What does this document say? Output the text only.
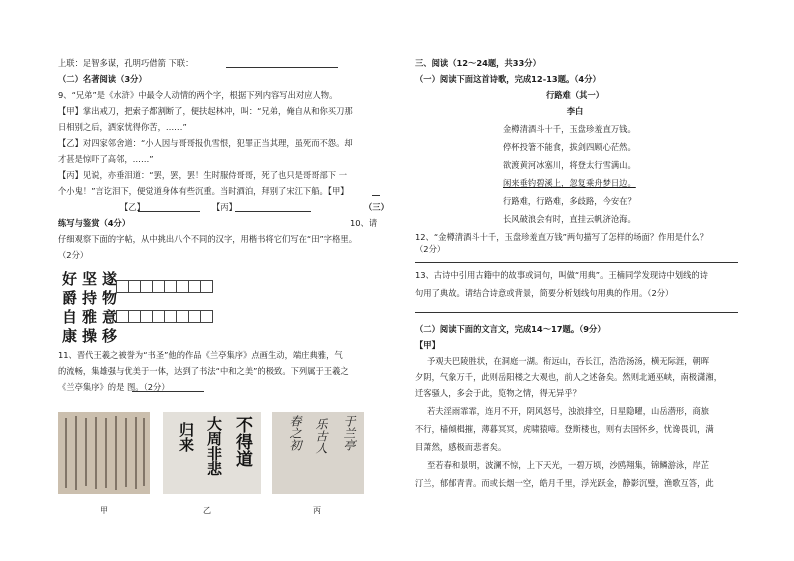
上联：足智多谋，孔明巧借箭 下联：
（二）名著阅读（3分）
9、“兄弟”是《水浒》中最令人动情的两个字，根据下列内容写出对应人物。
【甲】掌出戒刀，把索子都割断了，便扶起林冲，叫：“兄弟，俺自从和你买刀那
日相别之后，洒家忧得你苦，……”
【乙】对四家邻舍道：“小人因与哥哥报仇雪恨，犯罪正当其理，虽死而不怨。却
才甚是惊吓了高邻，……”
【丙】见说，亦垂泪道：“罢，罢，罢！生时服侍哥哥，死了也只是哥哥部下 一
个小鬼！”言讫泪下，便觉道身体有些沉重。当时酒泊，拜别了宋江下船。【甲】
【乙】	【丙】	（三）
练写与鉴赏（4分）	10、请
仔细观察下面的字帖，从中挑出八个不同的汉字，用楷书将它们写在“田”字格里。
（2分）
好坚遂
爵持物
自雅意
康操移
11、晋代王羲之被誉为“书圣”他的作品《兰亭集序》点画生动，端庄典雅，气
的流畅，集雄强与优美于一体，达到了书法“中和之美”的极致。下列属于王羲之
《兰亭集序》的是 图。（2分）
不得道
大周非悲
归来	于兰亭
乐古人
春之初
甲	乙	丙
三、阅读（12～24题，共33分）
（一）阅读下面这首诗歌，完成12-13题。（4分）
行路难（其一）
李白
金樽清酒斗十千，玉盘珍羞直万钱。
停杯投箸不能食，拔剑四顾心茫然。
欲渡黄河冰塞川，将登太行雪满山。
闲来垂钓碧溪上，忽复乘舟梦日边。
行路难，行路难，多歧路，今安在？
长风破浪会有时，直挂云帆济沧海。
12、“金樽清酒斗十千，玉盘珍羞直万钱”两句描写了怎样的场面？作用是什么？
（2分）
13、古诗中引用古籍中的故事或词句，叫做“用典”。王楠同学发现诗中划线的诗
句用了典故。请结合诗意或背景，简要分析划线句用典的作用。（2分）
（二）阅读下面的文言文，完成14～17题。（9分）
【甲】
予观夫巴陵胜状，在洞庭一湖。衔远山，吞长江，浩浩汤汤，横无际涯，朝晖
夕阴，气象万千，此则岳阳楼之大观也，前人之述备矣。然则北通巫峡，南极潇湘，
迁客骚人，多会于此，览物之情，得无异乎？
若夫淫雨霏霏，连月不开，阴风怒号，浊浪排空，日星隐曜，山岳潜形，商旅
不行，樯倾楫摧，薄暮冥冥，虎啸猿啼。登斯楼也，则有去国怀乡，忧谗畏讥，满
目萧然，感极而悲者矣。
至若春和景明，波澜不惊，上下天光，一碧万顷，沙鸥翔集，锦鳞游泳，岸芷
汀兰，郁郁青青。而或长烟一空，皓月千里，浮光跃金，静影沉璧，渔歌互答，此
